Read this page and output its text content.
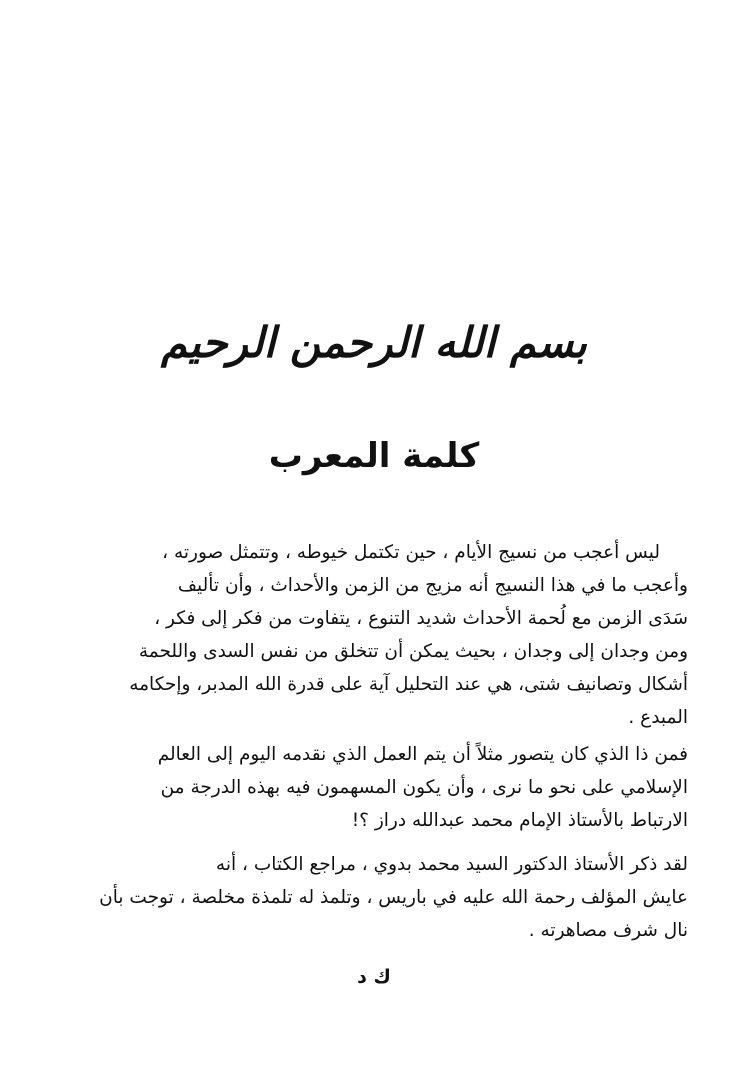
بسم الله الرحمن الرحيم
كلمة المعرب
ليس أعجب من نسيج الأيام ، حين تكتمل خيوطه ، وتتمثل صورته ،
وأعجب ما في هذا النسيج أنه مزيج من الزمن والأحداث ، وأن تأليف
سَدَى الزمن مع لُحمة الأحداث شديد التنوع ، يتفاوت من فكر إلى فكر ،
ومن وجدان إلى وجدان ، بحيث يمكن أن تتخلق من نفس السدى واللحمة
أشكال وتصانيف شتى، هي عند التحليل آية على قدرة الله المدبر، وإحكامه
المبدع .
فمن ذا الذي كان يتصور مثلاً أن يتم العمل الذي نقدمه اليوم إلى العالم
الإسلامي على نحو ما نرى ، وأن يكون المسهمون فيه بهذه الدرجة من
الارتباط بالأستاذ الإمام محمد عبدالله دراز ؟!
لقد ذكر الأستاذ الدكتور السيد محمد بدوي ، مراجع الكتاب ، أنه
عايش المؤلف رحمة الله عليه في باريس ، وتلمذ له تلمذة مخلصة ، توجت بأن
نال شرف مصاهرته .
ك د
